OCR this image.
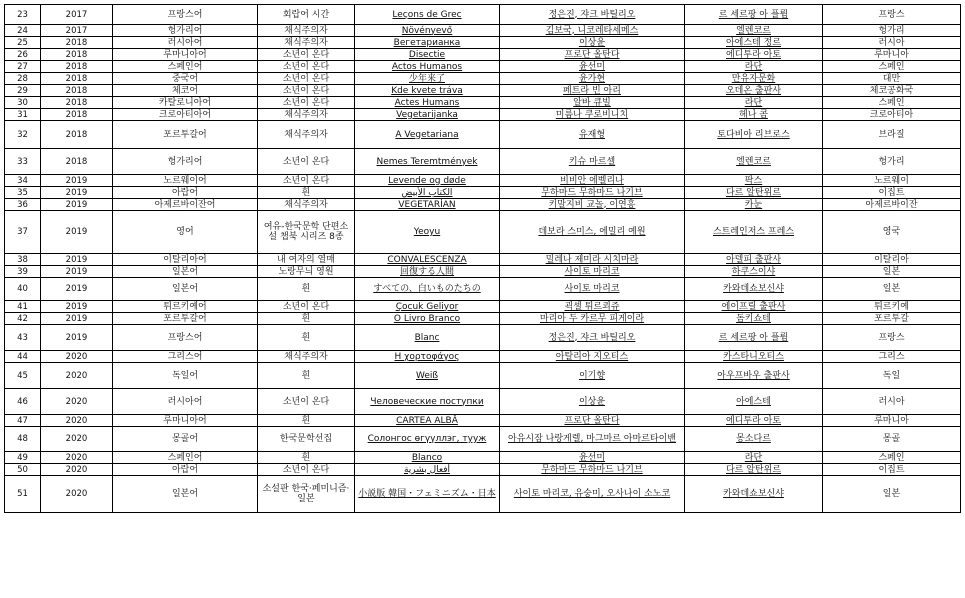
23	2017	프랑스어	회랍어 시간	Leçons de Grec	정은진, 쟈크 바틸리오	르 세르팡 아 플륌	프랑스
24	2017	헝가리어	채식주의자	Növényevő	김보국, 니코레타세메스	엘렌코르	헝가리
25	2018	러시아어	채식주의자	Вегетарианка	이상윤	아에스테 정르	러시아
26	2018	루마니아어	소년이 온다	Disectie	프로단 올탄다	에디투라 아토	루마니아
27	2018	스페인어	소년이 온다	Actos Humanos	윤선미	라단	스페인
28	2018	중국어	소년이 온다	少年来了	윤가현	만유자문화	대만
29	2018	체코어	소년이 온다	Kde kvete tráva	페트라 빈 아리	오데온 출판사	체코공화국
30	2018	카탈로니아어	소년이 온다	Actes Humans	알바 큐빌	라단	스페인
31	2018	크로아티아어	채식주의자	Vegetarijanka	미름나 쿠로비니치	헤나 콤	크로아티아
32	2018	포르투갈어	채식주의자	A Vegetariana	유재형	토다비아 리브로스	브라질
33	2018	헝가리어	소년이 온다	Nemes Teremtmények	키슈 마르셀	엘렌코르	헝가리
34	2019	노르웨이어	소년이 온다	Levende og døde	비비안 에벨리나	팍스	노르웨이
35	2019	아랍어	흰	الكتاب الأبيض	무하마드 무하마드 나기브	다르 알탄위르	이집트
36	2019	아제르바이잔어	채식주의자	VEGETARİAN	키말지비 교놀, 이연흥	카눈	아제르바이잔
37	2019	영어	여유-한국문학 단편소설 챕북 시리즈 8종	Yeoyu	데보라 스미스, 에밀리 예원	스트레인저스 프레스	영국
38	2019	이탈리아어	내 여자의 열매	CONVALESCENZA	밀레나 제미라 시치마라	아델피 출판사	이탈리아
39	2019	일본어	노랑무늬 영원	回復する人間	사이토 마리코	하쿠스이샤	일본
40	2019	일본어	흰	すべての、白いものたちの	사이토 마리코	카와데쇼보신샤	일본
41	2019	튀르키예어	소년이 온다	Çocuk Geliyor	괵셀 튀르쾨쥬	에이프릴 출판사	튀르키예
42	2019	포르투갈어	흰	O Livro Branco	마리아 두 카르무 피게이라	돔키쇼테	포르투갈
43	2019	프랑스어	흰	Blanc	정은진, 쟈크 바틸리오	르 세르팡 아 플륌	프랑스
44	2020	그리스어	채식주의자	Η χορτοφάγος	아탈리아 지오티스	카스타니오티스	그리스
45	2020	독일어	흰	Weiß	이기향	아우프바우 출판사	독일
46	2020	러시아어	소년이 온다	Человеческие поступки	이상윤	아에스테	러시아
47	2020	루마니아어	흰	CARTEA ALBĂ	프로단 올탄다	에디투라 아토	루마니아
48	2020	몽골어	한국문학선집	Солонгос өгүүллэг, тууж	아유시잠 나랑게렐, 마그마르 아마르타이밴	몽소다르	몽골
49	2020	스페인어	흰	Blanco	윤선미	라단	스페인
50	2020	아랍어	소년이 온다	أفعال بشرية	무하마드 무하마드 나기브	다르 알탄위르	이집트
51	2020	일본어	소설판 한국·페미니즘·일본	小説版 韓国・フェミニズム・日本	사이토 마리코, 유숭미, 오사나이 소노코	카와데쇼보신샤	일본
